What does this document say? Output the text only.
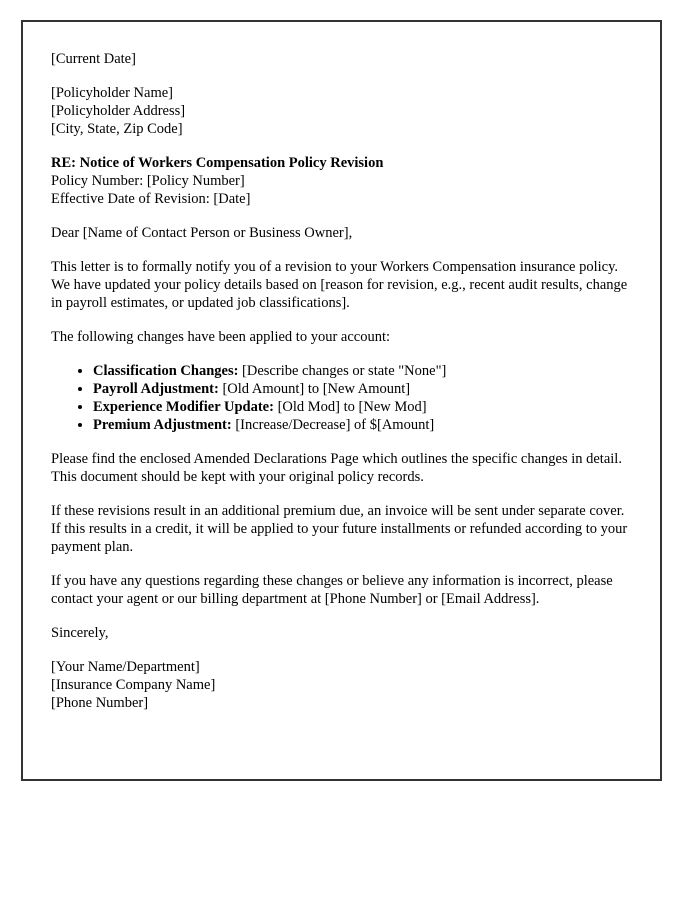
[Current Date]
[Policyholder Name]
[Policyholder Address]
[City, State, Zip Code]
RE: Notice of Workers Compensation Policy Revision
Policy Number: [Policy Number]
Effective Date of Revision: [Date]
Dear [Name of Contact Person or Business Owner],
This letter is to formally notify you of a revision to your Workers Compensation insurance policy. We have updated your policy details based on [reason for revision, e.g., recent audit results, change in payroll estimates, or updated job classifications].
The following changes have been applied to your account:
• Classification Changes: [Describe changes or state "None"]
• Payroll Adjustment: [Old Amount] to [New Amount]
• Experience Modifier Update: [Old Mod] to [New Mod]
• Premium Adjustment: [Increase/Decrease] of $[Amount]
Please find the enclosed Amended Declarations Page which outlines the specific changes in detail. This document should be kept with your original policy records.
If these revisions result in an additional premium due, an invoice will be sent under separate cover. If this results in a credit, it will be applied to your future installments or refunded according to your payment plan.
If you have any questions regarding these changes or believe any information is incorrect, please contact your agent or our billing department at [Phone Number] or [Email Address].
Sincerely,
[Your Name/Department]
[Insurance Company Name]
[Phone Number]
